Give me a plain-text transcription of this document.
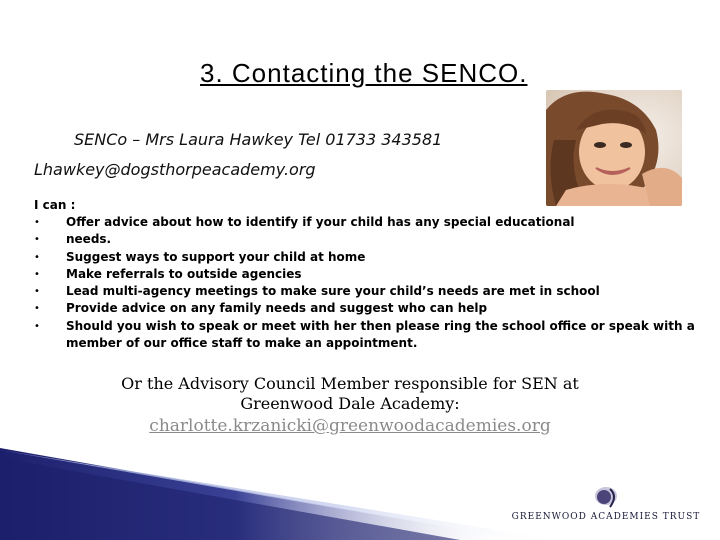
3. Contacting the SENCO.
SENCo – Mrs Laura Hawkey Tel 01733 343581
Lhawkey@dogsthorpeacademy.org
I can :
• Offer advice about how to identify if your child has any special educational
• needs.
• Suggest ways to support your child at home
• Make referrals to outside agencies
• Lead multi-agency meetings to make sure your child’s needs are met in school
• Provide advice on any family needs and suggest who can help
• Should you wish to speak or meet with her then please ring the school office or speak with a member of our office staff to make an appointment.
Or the Advisory Council Member responsible for SEN at
Greenwood Dale Academy:
charlotte.krzanicki@greenwoodacademies.org
GREENWOOD ACADEMIES TRUST
